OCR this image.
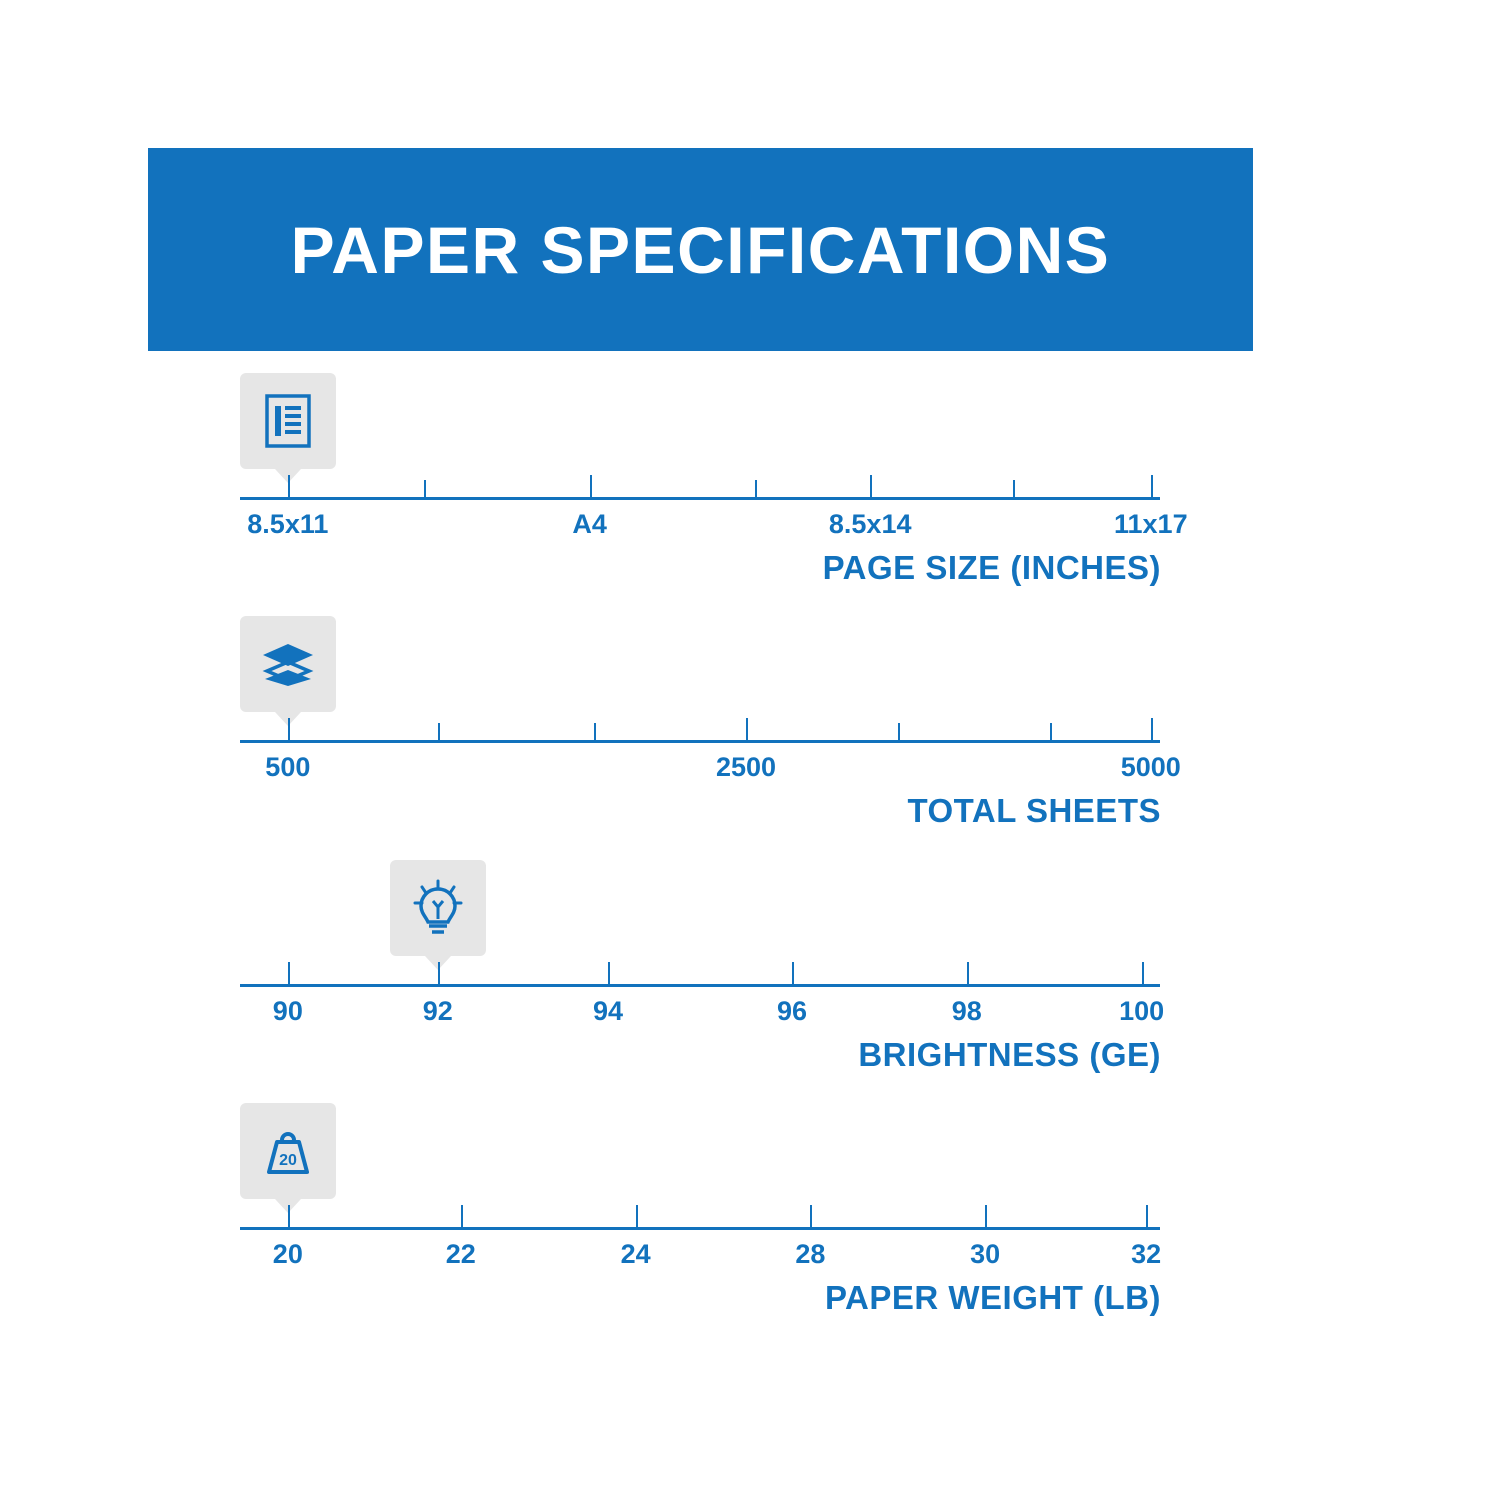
PAPER SPECIFICATIONS
8.5x11	A4	8.5x14	11x17
PAGE SIZE (INCHES)
500	2500	5000
TOTAL SHEETS
90	92	94	96	98	100
BRIGHTNESS (GE)
20
20	22	24	28	30	32
PAPER WEIGHT (LB)
